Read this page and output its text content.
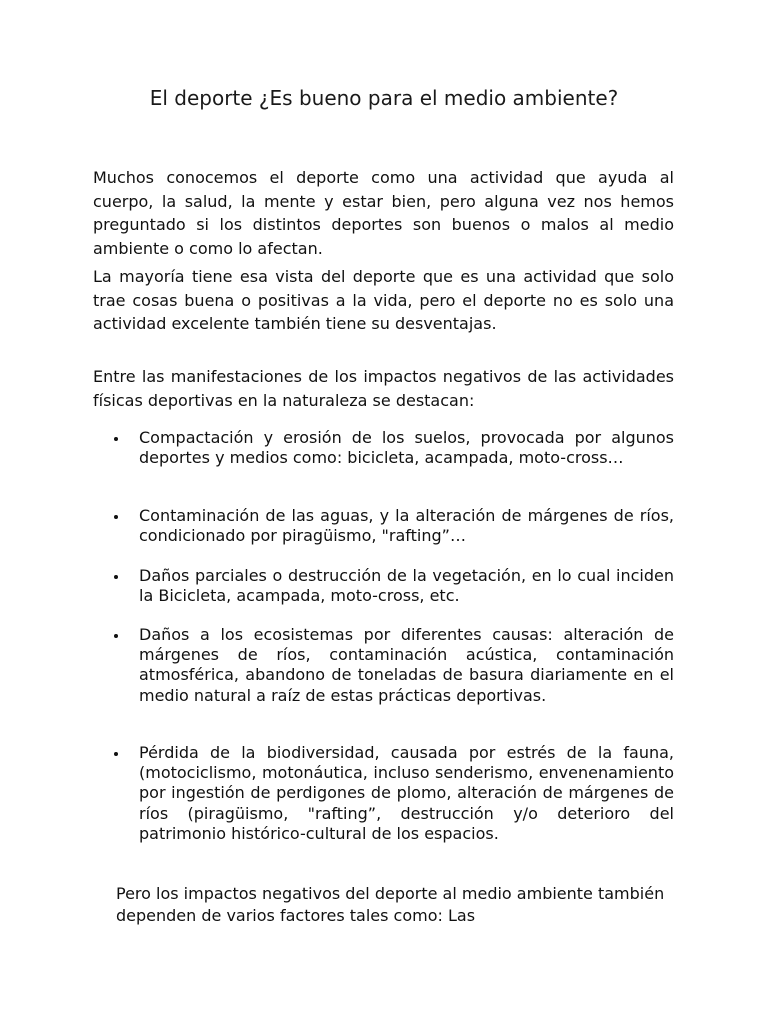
El deporte ¿Es bueno para el medio ambiente?

Muchos conocemos el deporte como una actividad que ayuda al cuerpo, la salud, la mente y estar bien, pero alguna vez nos hemos preguntado si los distintos deportes son buenos o malos al medio ambiente o como lo afectan.

La mayoría tiene esa vista del deporte que es una actividad que solo trae cosas buena o positivas a la vida, pero el deporte no es solo una actividad excelente también tiene su desventajas.

Entre las manifestaciones de los impactos negativos de las actividades físicas deportivas en la naturaleza se destacan:

Compactación y erosión de los suelos, provocada por algunos deportes y medios como: bicicleta, acampada, moto-cross…
Contaminación de las aguas, y la alteración de márgenes de ríos, condicionado por piragüismo, "rafting”…
Daños parciales o destrucción de la vegetación, en lo cual inciden la Bicicleta, acampada, moto-cross, etc.
Daños a los ecosistemas por diferentes causas: alteración de márgenes de ríos, contaminación acústica, contaminación atmosférica, abandono de toneladas de basura diariamente en el medio natural a raíz de estas prácticas deportivas.
Pérdida de la biodiversidad, causada por estrés de la fauna, (motociclismo, motonáutica, incluso senderismo, envenenamiento por ingestión de perdigones de plomo, alteración de márgenes de ríos (piragüismo, "rafting”, destrucción y/o deterioro del patrimonio histórico-cultural de los espacios.

Pero los impactos negativos del deporte al medio ambiente también dependen de varios factores tales como: Las
